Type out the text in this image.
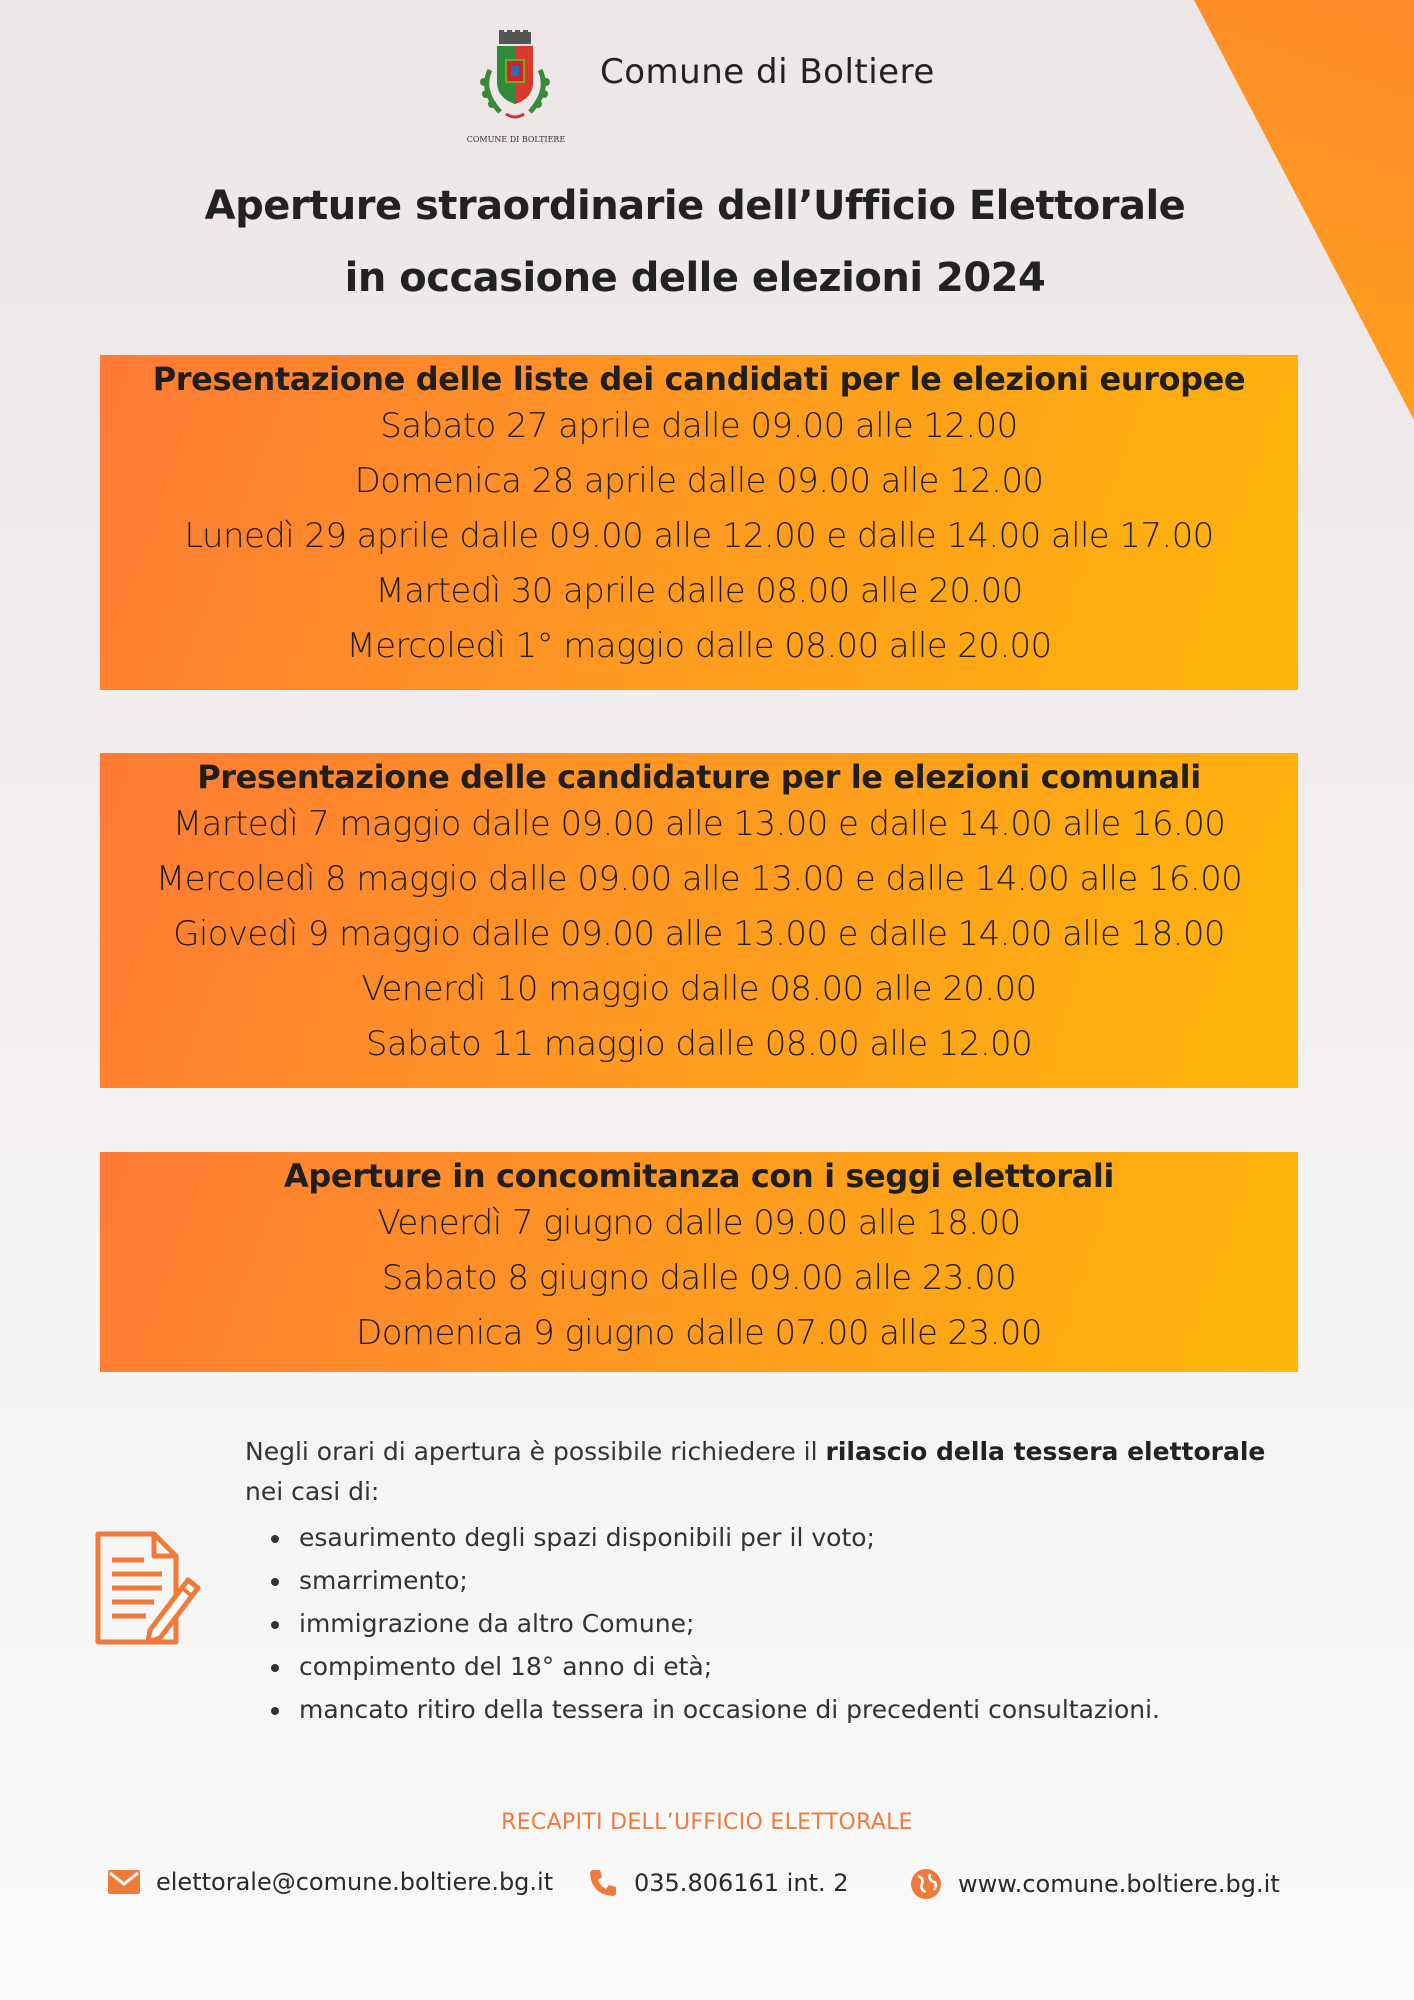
COMUNE DI BOLTIERE
Comune di Boltiere
Aperture straordinarie dell’Ufficio Elettorale
in occasione delle elezioni 2024
Presentazione delle liste dei candidati per le elezioni europee
Sabato 27 aprile dalle 09.00 alle 12.00
Domenica 28 aprile dalle 09.00 alle 12.00
Lunedì 29 aprile dalle 09.00 alle 12.00 e dalle 14.00 alle 17.00
Martedì 30 aprile dalle 08.00 alle 20.00
Mercoledì 1° maggio dalle 08.00 alle 20.00
Presentazione delle candidature per le elezioni comunali
Martedì 7 maggio dalle 09.00 alle 13.00 e dalle 14.00 alle 16.00
Mercoledì 8 maggio dalle 09.00 alle 13.00 e dalle 14.00 alle 16.00
Giovedì 9 maggio dalle 09.00 alle 13.00 e dalle 14.00 alle 18.00
Venerdì 10 maggio dalle 08.00 alle 20.00
Sabato 11 maggio dalle 08.00 alle 12.00
Aperture in concomitanza con i seggi elettorali
Venerdì 7 giugno dalle 09.00 alle 18.00
Sabato 8 giugno dalle 09.00 alle 23.00
Domenica 9 giugno dalle 07.00 alle 23.00
Negli orari di apertura è possibile richiedere il rilascio della tessera elettorale
nei casi di:
• esaurimento degli spazi disponibili per il voto;
• smarrimento;
• immigrazione da altro Comune;
• compimento del 18° anno di età;
• mancato ritiro della tessera in occasione di precedenti consultazioni.
RECAPITI DELL’UFFICIO ELETTORALE
elettorale@comune.boltiere.bg.it	035.806161 int. 2	www.comune.boltiere.bg.it
